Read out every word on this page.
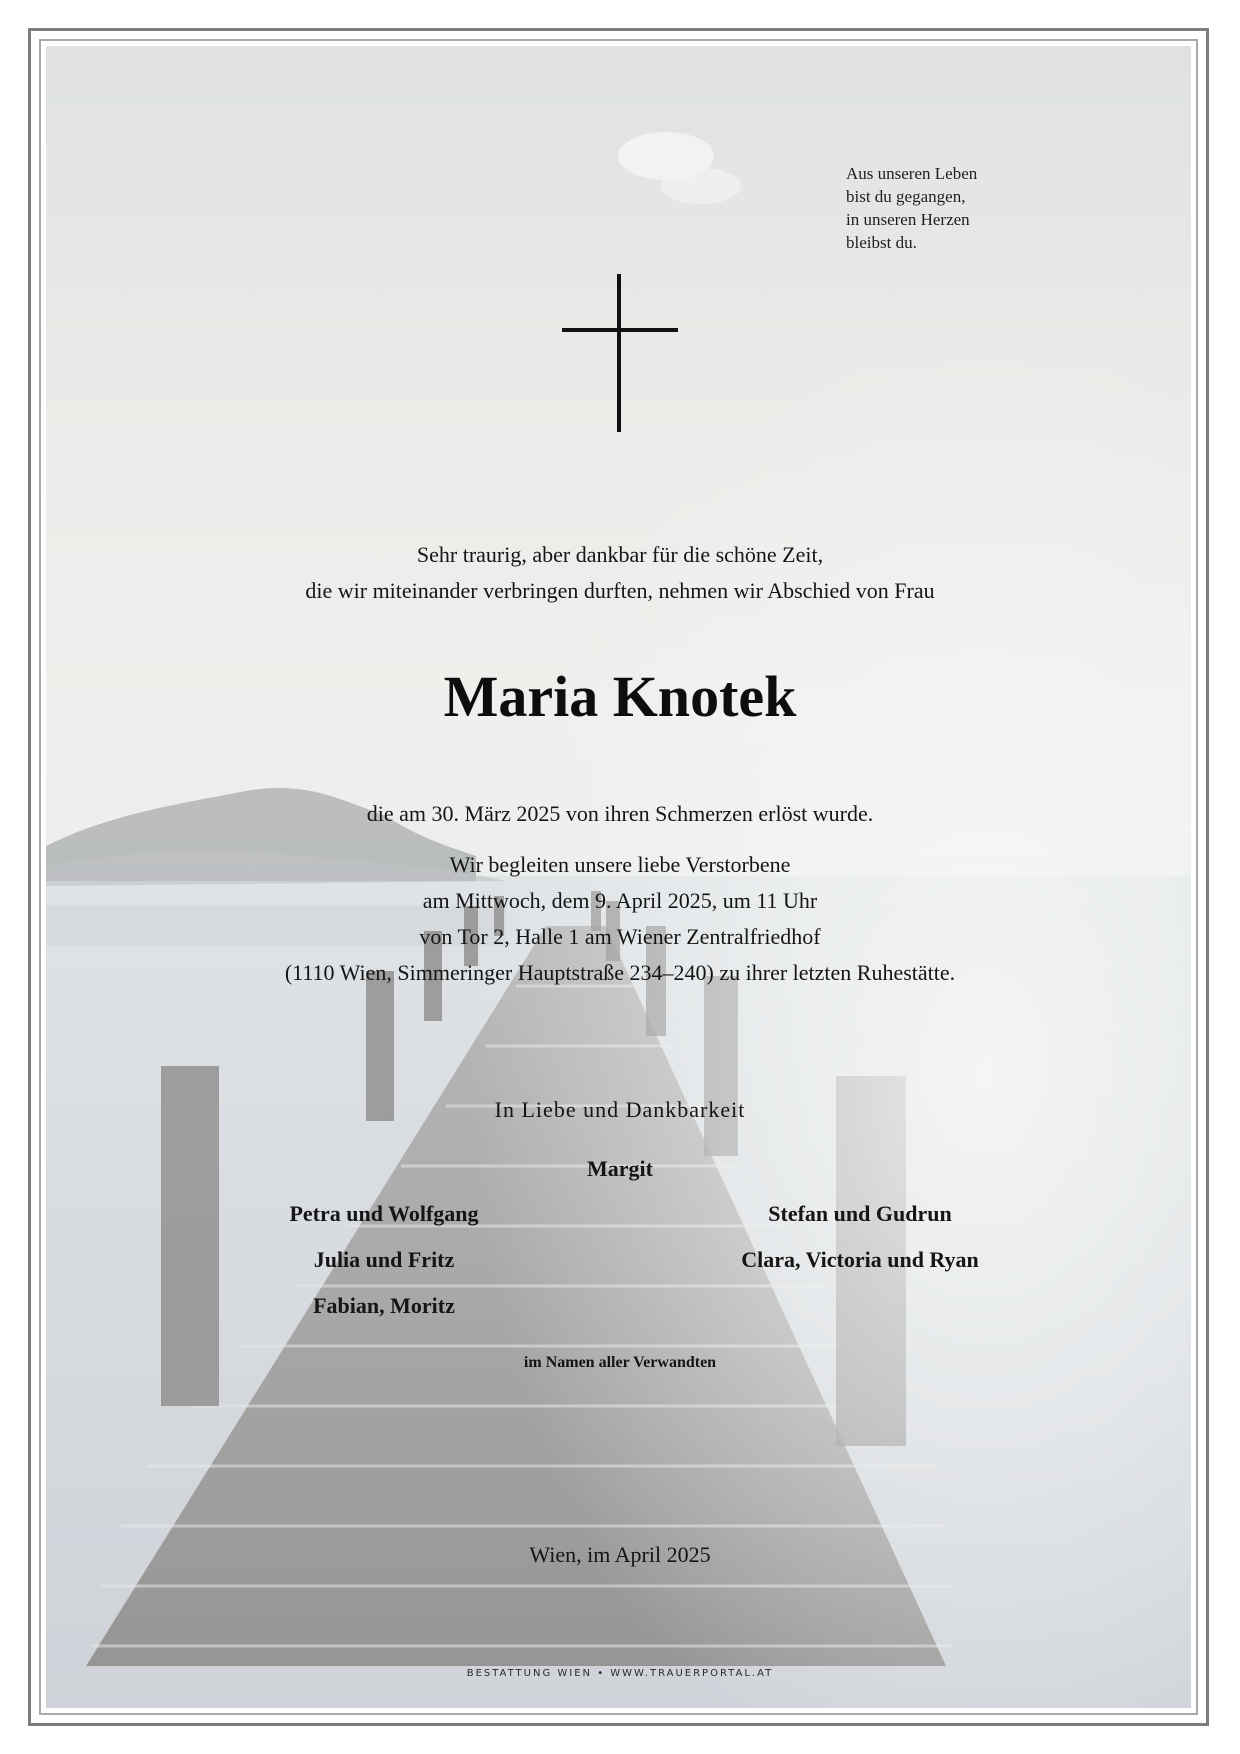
Aus unseren Leben
bist du gegangen,
in unseren Herzen
bleibst du.
Sehr traurig, aber dankbar für die schöne Zeit,
die wir miteinander verbringen durften, nehmen wir Abschied von Frau
Maria Knotek
die am 30. März 2025 von ihren Schmerzen erlöst wurde.
Wir begleiten unsere liebe Verstorbene
am Mittwoch, dem 9. April 2025, um 11 Uhr
von Tor 2, Halle 1 am Wiener Zentralfriedhof
(1110 Wien, Simmeringer Hauptstraße 234–240) zu ihrer letzten Ruhestätte.
In Liebe und Dankbarkeit
Margit
Petra und Wolfgang
Julia und Fritz
Fabian, Moritz
Stefan und Gudrun
Clara, Victoria und Ryan
im Namen aller Verwandten
Wien, im April 2025
BESTATTUNG WIEN • WWW.TRAUERPORTAL.AT
